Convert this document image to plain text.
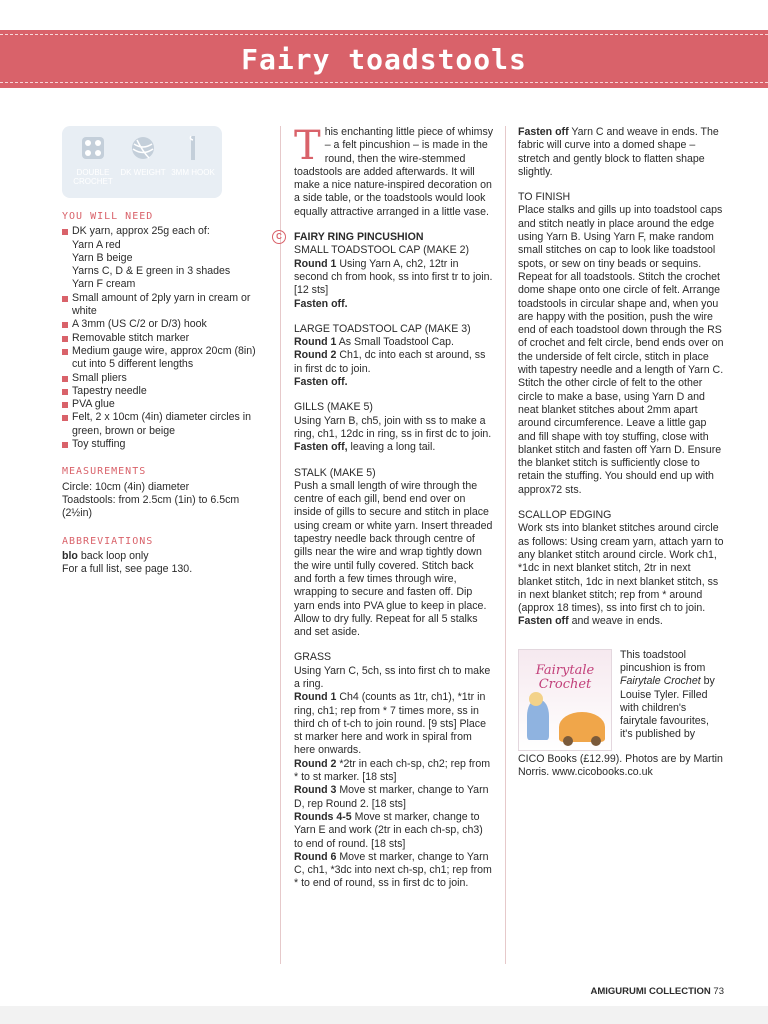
Fairy toadstools
DOUBLE CROCHET
DK WEIGHT 3MM HOOK
YOU WILL NEED
DK yarn, approx 25g each of:
Yarn A red
Yarn B beige
Yarns C, D & E green in 3 shades
Yarn F cream
Small amount of 2ply yarn in cream or white
A 3mm (US C/2 or D/3) hook
Removable stitch marker
Medium gauge wire, approx 20cm (8in) cut into 5 different lengths
Small pliers
Tapestry needle
PVA glue
Felt, 2 x 10cm (4in) diameter circles in green, brown or beige
Toy stuffing
MEASUREMENTS
Circle: 10cm (4in) diameter
Toadstools: from 2.5cm (1in) to 6.5cm (2½in)
ABBREVIATIONS
blo back loop only
For a full list, see page 130.
This enchanting little piece of whimsy – a felt pincushion – is made in the round, then the wire-stemmed toadstools are added afterwards. It will make a nice nature-inspired decoration on a side table, or the toadstools would look equally attractive arranged in a little vase.
C	FAIRY RING PINCUSHION
SMALL TOADSTOOL CAP (MAKE 2)
Round 1 Using Yarn A, ch2, 12tr in second ch from hook, ss into first tr to join. [12 sts]
Fasten off.
LARGE TOADSTOOL CAP (MAKE 3)
Round 1 As Small Toadstool Cap.
Round 2 Ch1, dc into each st around, ss in first dc to join.
Fasten off.
GILLS (MAKE 5)
Using Yarn B, ch5, join with ss to make a ring, ch1, 12dc in ring, ss in first dc to join.
Fasten off, leaving a long tail.
STALK (MAKE 5)
Push a small length of wire through the centre of each gill, bend end over on inside of gills to secure and stitch in place using cream or white yarn. Insert threaded tapestry needle back through centre of gills near the wire and wrap tightly down the wire until fully covered. Stitch back and forth a few times through wire, wrapping to secure and fasten off. Dip yarn ends into PVA glue to keep in place. Allow to dry fully. Repeat for all 5 stalks and set aside.
GRASS
Using Yarn C, 5ch, ss into first ch to make a ring.
Round 1 Ch4 (counts as 1tr, ch1), *1tr in ring, ch1; rep from * 7 times more, ss in third ch of t-ch to join round. [9 sts] Place st marker here and work in spiral from here onwards.
Round 2 *2tr in each ch-sp, ch2; rep from * to st marker. [18 sts]
Round 3 Move st marker, change to Yarn D, rep Round 2. [18 sts]
Rounds 4-5 Move st marker, change to Yarn E and work (2tr in each ch-sp, ch3) to end of round. [18 sts]
Round 6 Move st marker, change to Yarn C, ch1, *3dc into next ch-sp, ch1; rep from * to end of round, ss in first dc to join.
Fasten off Yarn C and weave in ends. The fabric will curve into a domed shape – stretch and gently block to flatten shape slightly.
TO FINISH
Place stalks and gills up into toadstool caps and stitch neatly in place around the edge using Yarn B. Using Yarn F, make random small stitches on cap to look like toadstool spots, or sew on tiny beads or sequins. Repeat for all toadstools. Stitch the crochet dome shape onto one circle of felt. Arrange toadstools in circular shape and, when you are happy with the position, push the wire end of each toadstool down through the RS of crochet and felt circle, bend ends over on the underside of felt circle, stitch in place with tapestry needle and a length of Yarn C. Stitch the other circle of felt to the other circle to make a base, using Yarn D and neat blanket stitches about 2mm apart around circumference. Leave a little gap and fill shape with toy stuffing, close with blanket stitch and fasten off Yarn D. Ensure the blanket stitch is sufficiently close to retain the stuffing. You should end up with approx72 sts.
SCALLOP EDGING
Work sts into blanket stitches around circle as follows: Using cream yarn, attach yarn to any blanket stitch around circle. Work ch1, *1dc in next blanket stitch, 2tr in next blanket stitch, 1dc in next blanket stitch, ss in next blanket stitch; rep from * around (approx 18 times), ss into first ch to join.
Fasten off and weave in ends.
Fairytale Crochet
This toadstool pincushion is from Fairytale Crochet by Louise Tyler. Filled with children's fairytale favourites, it's published by
CICO Books (£12.99). Photos are by Martin Norris. www.cicobooks.co.uk
AMIGURUMI COLLECTION 73
